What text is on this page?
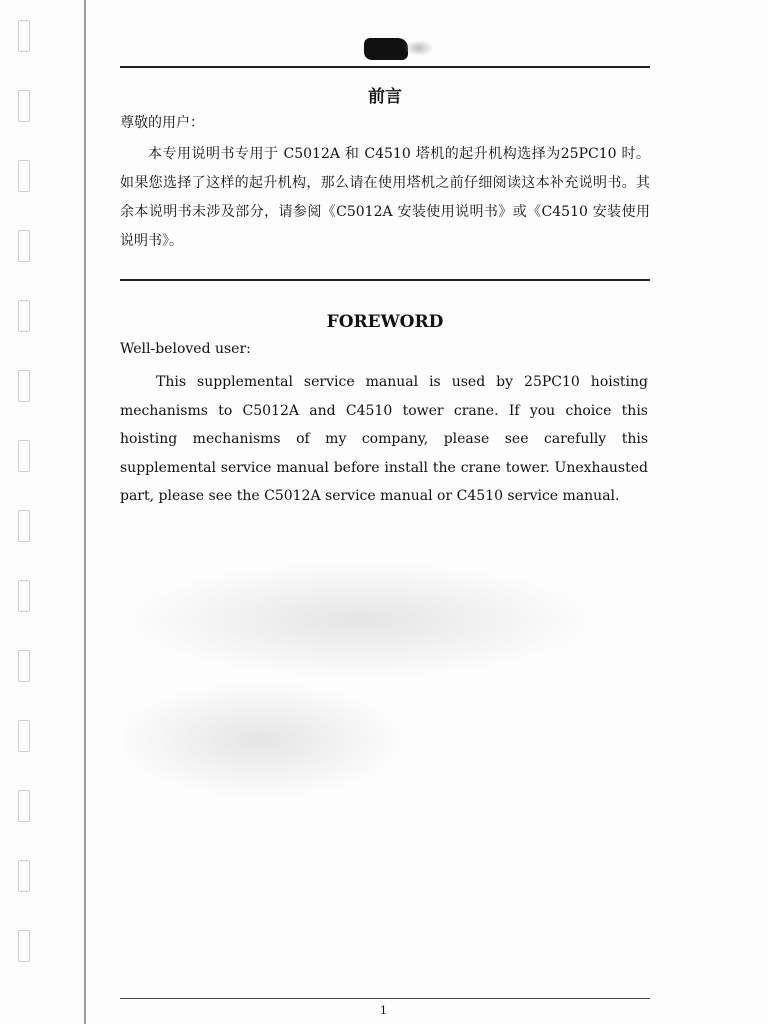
前言

尊敬的用户：

本专用说明书专用于 C5012A 和 C4510 塔机的起升机构选择为25PC10 时。如果您选择了这样的起升机构，那么请在使用塔机之前仔细阅读这本补充说明书。其余本说明书未涉及部分，请参阅《C5012A 安装使用说明书》或《C4510 安装使用说明书》。

FOREWORD

Well-beloved user:

This supplemental service manual is used by 25PC10 hoisting mechanisms to C5012A and C4510 tower crane. If you choice this hoisting mechanisms of my company, please see carefully this supplemental service manual before install the crane tower. Unexhausted part, please see the C5012A service manual or C4510 service manual.

1
